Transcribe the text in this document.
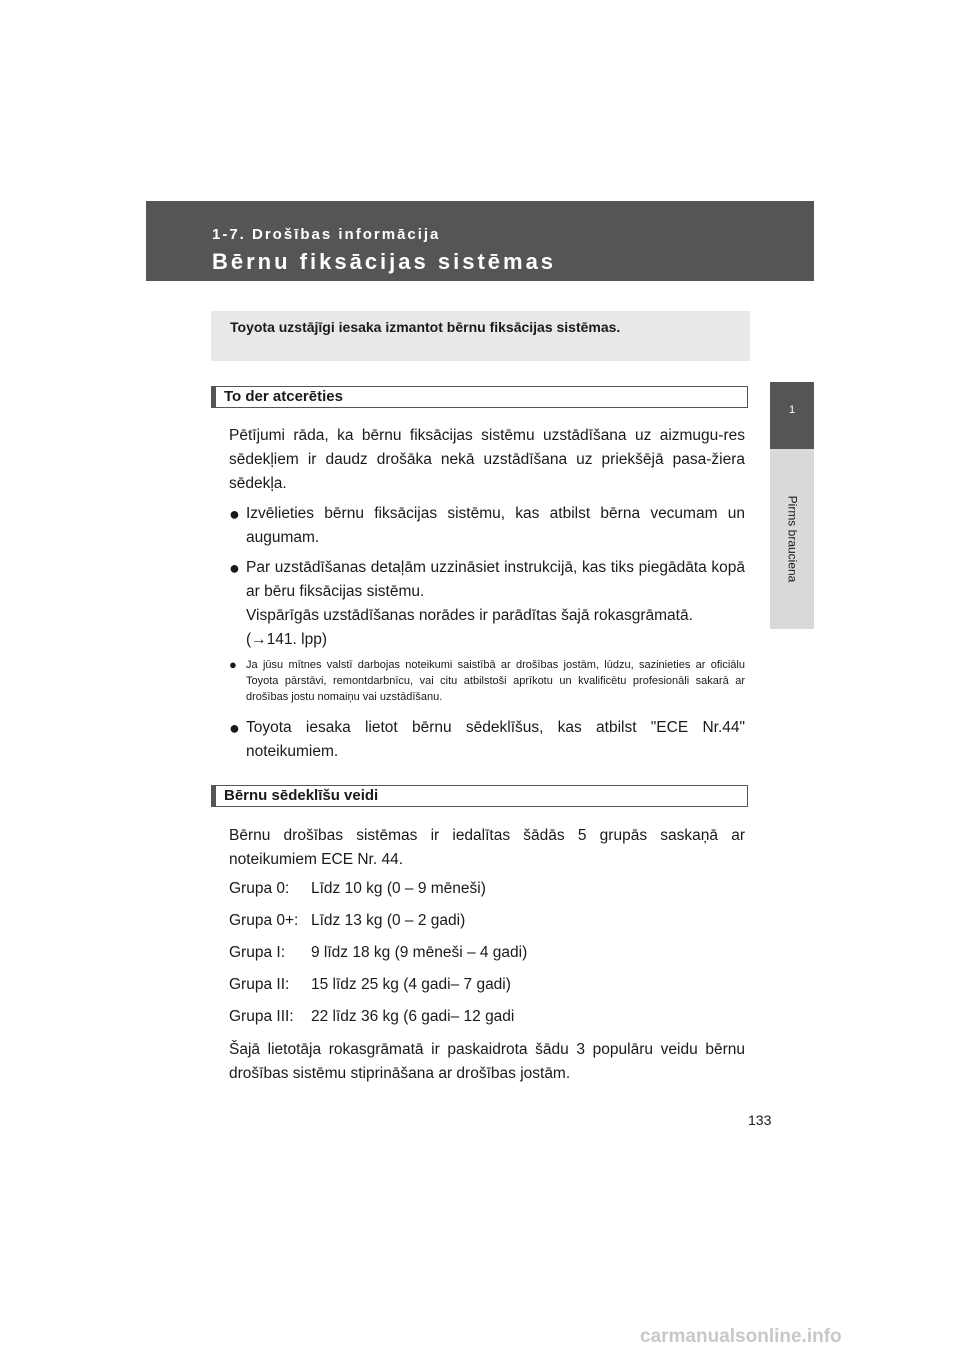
1-7. Drošības informācija
Bērnu fiksācijas sistēmas
1
Pirms brauciena
Toyota uzstājīgi iesaka izmantot bērnu fiksācijas sistēmas.
To der atcerēties
Pētījumi rāda, ka bērnu fiksācijas sistēmu uzstādīšana uz aizmugu-res sēdekļiem ir daudz drošāka nekā uzstādīšana uz priekšējā pasa-žiera sēdekļa.
● Izvēlieties bērnu fiksācijas sistēmu, kas atbilst bērna vecumam un augumam.
● Par uzstādīšanas detaļām uzzināsiet instrukcijā, kas tiks piegādāta kopā ar bēru fiksācijas sistēmu.
Vispārīgās uzstādīšanas norādes ir parādītas šajā rokasgrāmatā.
(→141. lpp)
● Ja jūsu mītnes valstī darbojas noteikumi saistībā ar drošības jostām, lūdzu, sazinieties ar oficiālu Toyota pārstāvi, remontdarbnīcu, vai citu atbilstoši aprīkotu un kvalificētu profesionāli sakarā ar drošības jostu nomaiņu vai uzstādīšanu.
● Toyota iesaka lietot bērnu sēdeklīšus, kas atbilst "ECE Nr.44" noteikumiem.
Bērnu sēdeklīšu veidi
Bērnu drošības sistēmas ir iedalītas šādās 5 grupās saskaņā ar noteikumiem ECE Nr. 44.
Grupa 0: Līdz 10 kg (0 – 9 mēneši)
Grupa 0+: Līdz 13 kg (0 – 2 gadi)
Grupa I: 9 līdz 18 kg (9 mēneši – 4 gadi)
Grupa II: 15 līdz 25 kg (4 gadi– 7 gadi)
Grupa III: 22 līdz 36 kg (6 gadi– 12 gadi
Šajā lietotāja rokasgrāmatā ir paskaidrota šādu 3 populāru veidu bērnu drošības sistēmu stiprināšana ar drošības jostām.
133
carmanualsonline.info
